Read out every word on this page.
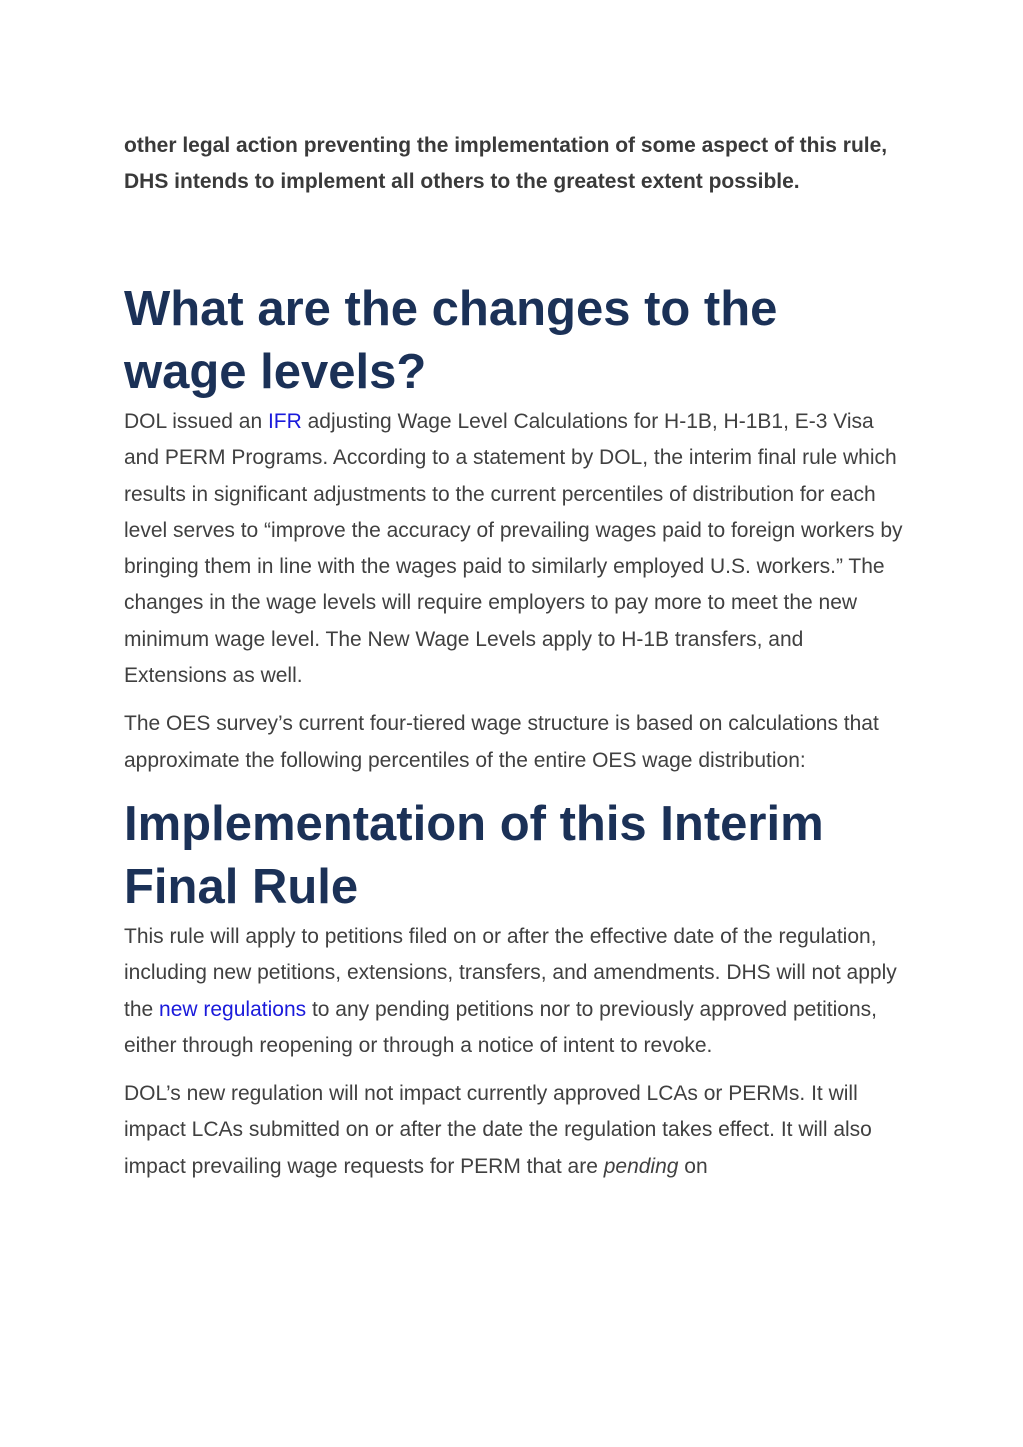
other legal action preventing the implementation of some aspect of this rule, DHS intends to implement all others to the greatest extent possible.

What are the changes to the wage levels?

DOL issued an IFR adjusting Wage Level Calculations for H-1B, H-1B1, E-3 Visa and PERM Programs. According to a statement by DOL, the interim final rule which results in significant adjustments to the current percentiles of distribution for each level serves to “improve the accuracy of prevailing wages paid to foreign workers by bringing them in line with the wages paid to similarly employed U.S. workers.” The changes in the wage levels will require employers to pay more to meet the new minimum wage level. The New Wage Levels apply to H-1B transfers, and Extensions as well.

The OES survey’s current four-tiered wage structure is based on calculations that approximate the following percentiles of the entire OES wage distribution:

Implementation of this Interim Final Rule

This rule will apply to petitions filed on or after the effective date of the regulation, including new petitions, extensions, transfers, and amendments. DHS will not apply the new regulations to any pending petitions nor to previously approved petitions, either through reopening or through a notice of intent to revoke.

DOL’s new regulation will not impact currently approved LCAs or PERMs. It will impact LCAs submitted on or after the date the regulation takes effect. It will also impact prevailing wage requests for PERM that are pending on
